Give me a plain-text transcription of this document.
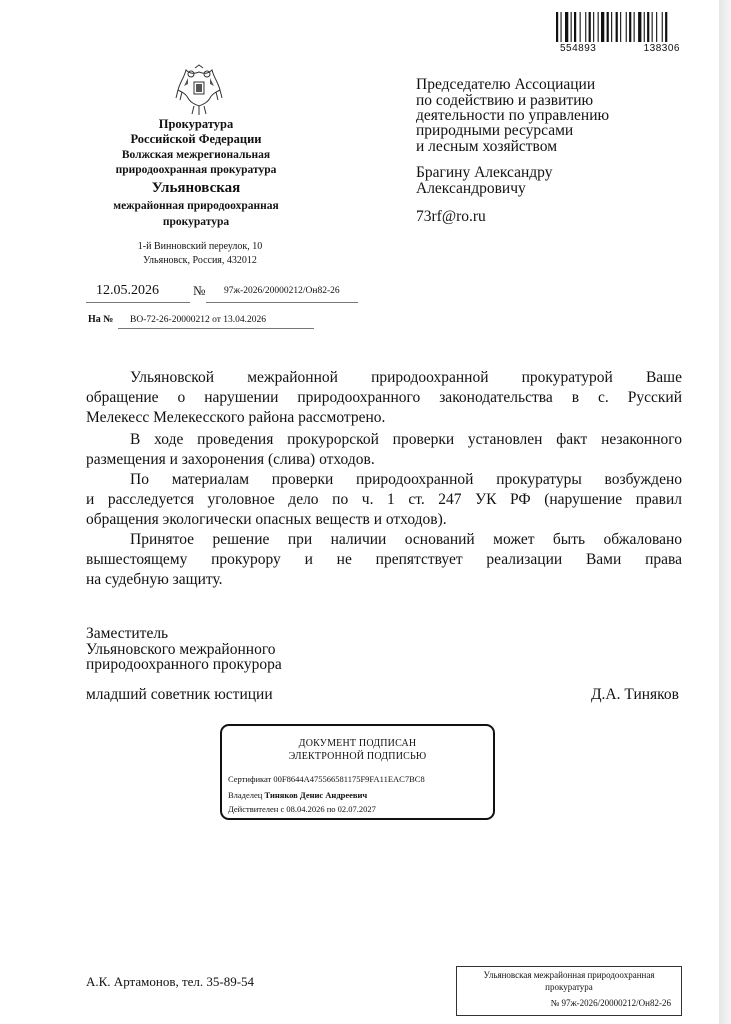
554893	138306
Прокуратура
Российской Федерации
Волжская межрегиональная
природоохранная прокуратура
Ульяновская
межрайонная природоохранная
прокуратура
1-й Винновский переулок, 10
Ульяновск, Россия, 432012
12.05.2026	№ 97ж-2026/20000212/Он82-26
На № ВО-72-26-20000212 от 13.04.2026
Председателю Ассоциации
по содействию и развитию
деятельности по управлению
природными ресурсами
и лесным хозяйством
Брагину Александру
Александровичу
73rf@ro.ru
Ульяновской межрайонной природоохранной прокуратурой Ваше
обращение о нарушении природоохранного законодательства в с. Русский
Мелекесс Мелекесского района рассмотрено.
В ходе проведения прокурорской проверки установлен факт незаконного
размещения и захоронения (слива) отходов.
По материалам проверки природоохранной прокуратуры возбуждено
и расследуется уголовное дело по ч. 1 ст. 247 УК РФ (нарушение правил
обращения экологически опасных веществ и отходов).
Принятое решение при наличии оснований может быть обжаловано
вышестоящему прокурору и не препятствует реализации Вами права
на судебную защиту.
Заместитель
Ульяновского межрайонного
природоохранного прокурора
младший советник юстиции	Д.А. Тиняков
ДОКУМЕНТ ПОДПИСАН
ЭЛЕКТРОННОЙ ПОДПИСЬЮ
Сертификат 00F8644A475566581175F9FA11EAC7BC8
Владелец Тиняков Денис Андреевич
Действителен с 08.04.2026 по 02.07.2027
А.К. Артамонов, тел. 35-89-54	Ульяновская межрайонная природоохранная
прокуратура
№ 97ж-2026/20000212/Он82-26
